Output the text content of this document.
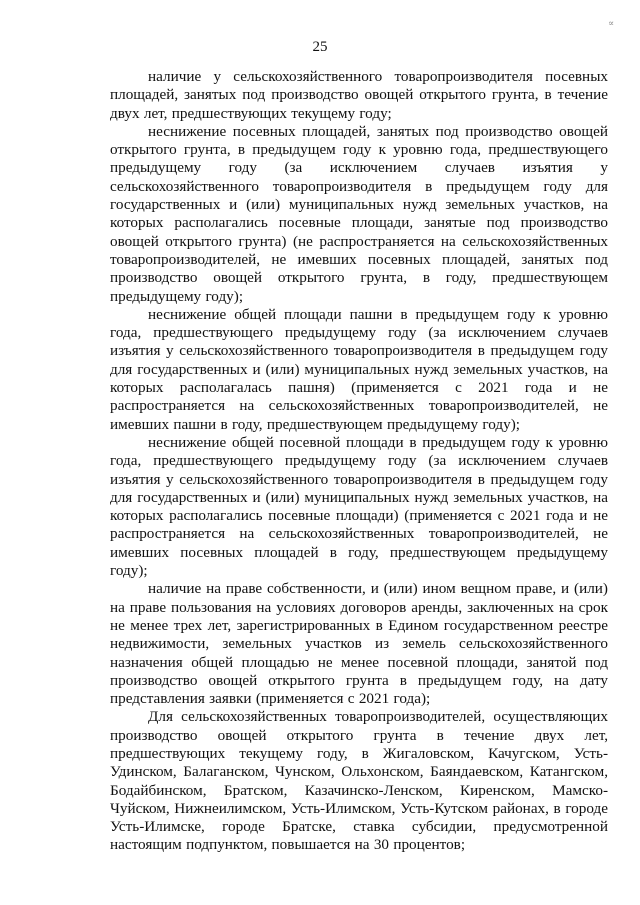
∝
25

наличие у сельскохозяйственного товаропроизводителя посевных площадей, занятых под производство овощей открытого грунта, в течение двух лет, предшествующих текущему году;

неснижение посевных площадей, занятых под производство овощей открытого грунта, в предыдущем году к уровню года, предшествующего предыдущему году (за исключением случаев изъятия у сельскохозяйственного товаропроизводителя в предыдущем году для государственных и (или) муниципальных нужд земельных участков, на которых располагались посевные площади, занятые под производство овощей открытого грунта) (не распространяется на сельскохозяйственных товаропроизводителей, не имевших посевных площадей, занятых под производство овощей открытого грунта, в году, предшествующем предыдущему году);

неснижение общей площади пашни в предыдущем году к уровню года, предшествующего предыдущему году (за исключением случаев изъятия у сельскохозяйственного товаропроизводителя в предыдущем году для государственных и (или) муниципальных нужд земельных участков, на которых располагалась пашня) (применяется с 2021 года и не распространяется на сельскохозяйственных товаропроизводителей, не имевших пашни в году, предшествующем предыдущему году);

неснижение общей посевной площади в предыдущем году к уровню года, предшествующего предыдущему году (за исключением случаев изъятия у сельскохозяйственного товаропроизводителя в предыдущем году для государственных и (или) муниципальных нужд земельных участков, на которых располагались посевные площади) (применяется с 2021 года и не распространяется на сельскохозяйственных товаропроизводителей, не имевших посевных площадей в году, предшествующем предыдущему году);

наличие на праве собственности, и (или) ином вещном праве, и (или) на праве пользования на условиях договоров аренды, заключенных на срок не менее трех лет, зарегистрированных в Едином государственном реестре недвижимости, земельных участков из земель сельскохозяйственного назначения общей площадью не менее посевной площади, занятой под производство овощей открытого грунта в предыдущем году, на дату представления заявки (применяется с 2021 года);

Для сельскохозяйственных товаропроизводителей, осуществляющих производство овощей открытого грунта в течение двух лет, предшествующих текущему году, в Жигаловском, Качугском, Усть-Удинском, Балаганском, Чунском, Ольхонском, Баяндаевском, Катангском, Бодайбинском, Братском, Казачинско-Ленском, Киренском, Мамско-Чуйском, Нижнеилимском, Усть-Илимском, Усть-Кутском районах, в городе Усть-Илимске, городе Братске, ставка субсидии, предусмотренной настоящим подпунктом, повышается на 30 процентов;
